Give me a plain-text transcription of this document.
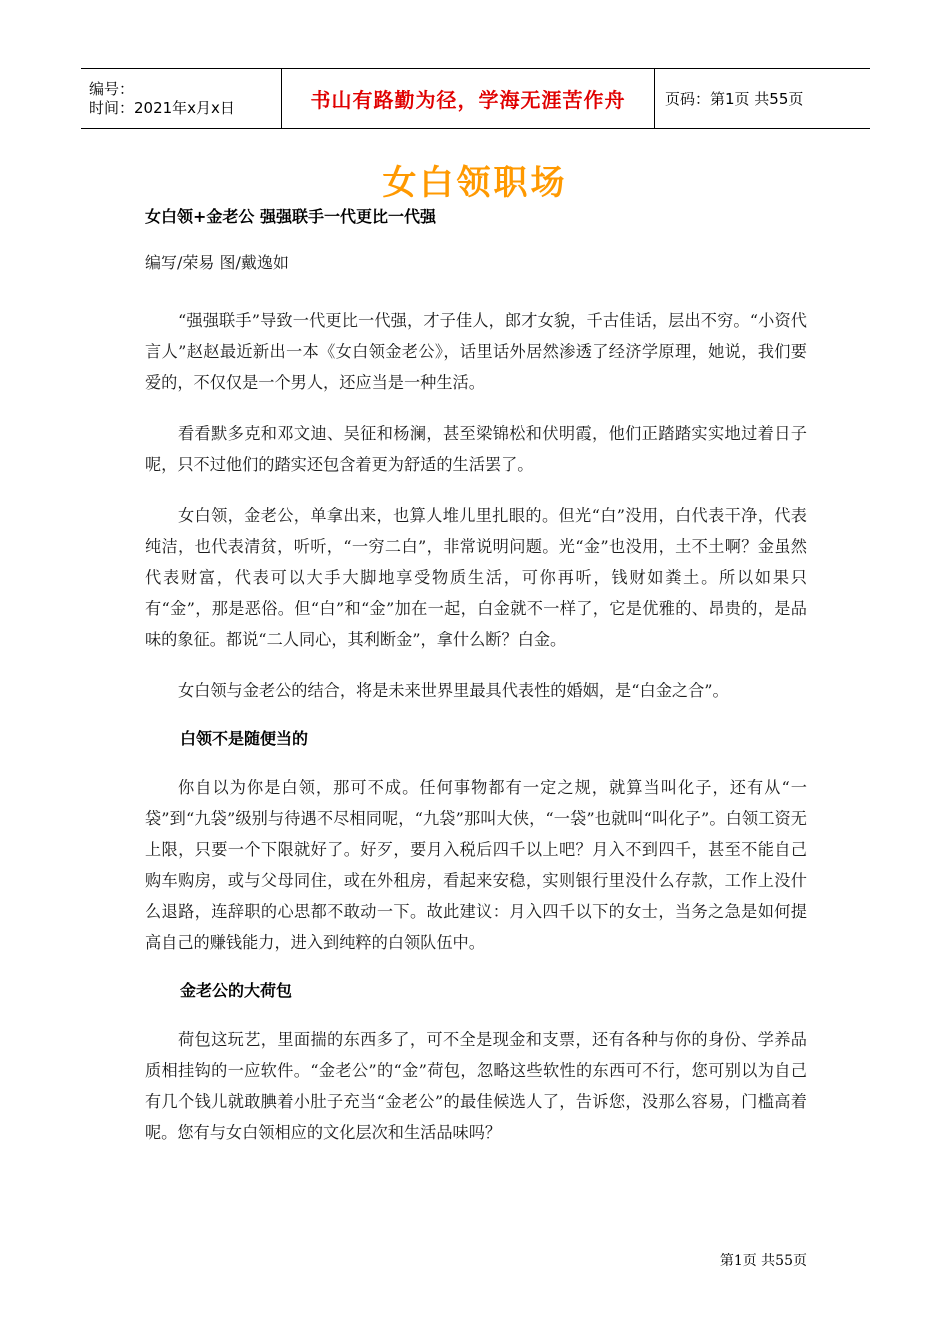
编号：
时间：2021年x月x日	书山有路勤为径，学海无涯苦作舟	页码：第1页 共55页
女白领职场
女白领+金老公 强强联手一代更比一代强
编写/荣易 图/戴逸如

“强强联手”导致一代更比一代强，才子佳人，郎才女貌，千古佳话，层出不穷。“小资代言人”赵赵最近新出一本《女白领金老公》，话里话外居然渗透了经济学原理，她说，我们要爱的，不仅仅是一个男人，还应当是一种生活。

看看默多克和邓文迪、吴征和杨澜，甚至梁锦松和伏明霞，他们正踏踏实实地过着日子呢，只不过他们的踏实还包含着更为舒适的生活罢了。

女白领，金老公，单拿出来，也算人堆儿里扎眼的。但光“白”没用，白代表干净，代表纯洁，也代表清贫，听听，“一穷二白”，非常说明问题。光“金”也没用，土不土啊？金虽然代表财富，代表可以大手大脚地享受物质生活，可你再听，钱财如粪土。所以如果只有“金”，那是恶俗。但“白”和“金”加在一起，白金就不一样了，它是优雅的、昂贵的，是品味的象征。都说“二人同心，其利断金”，拿什么断？白金。

女白领与金老公的结合，将是未来世界里最具代表性的婚姻，是“白金之合”。

白领不是随便当的

你自以为你是白领，那可不成。任何事物都有一定之规，就算当叫化子，还有从“一袋”到“九袋”级别与待遇不尽相同呢，“九袋”那叫大侠，“一袋”也就叫“叫化子”。白领工资无上限，只要一个下限就好了。好歹，要月入税后四千以上吧？月入不到四千，甚至不能自己购车购房，或与父母同住，或在外租房，看起来安稳，实则银行里没什么存款，工作上没什么退路，连辞职的心思都不敢动一下。故此建议：月入四千以下的女士，当务之急是如何提高自己的赚钱能力，进入到纯粹的白领队伍中。

金老公的大荷包

荷包这玩艺，里面揣的东西多了，可不全是现金和支票，还有各种与你的身份、学养品质相挂钩的一应软件。“金老公”的“金”荷包，忽略这些软性的东西可不行，您可别以为自己有几个钱儿就敢腆着小肚子充当“金老公”的最佳候选人了，告诉您，没那么容易，门槛高着呢。您有与女白领相应的文化层次和生活品味吗？

第1页 共55页
